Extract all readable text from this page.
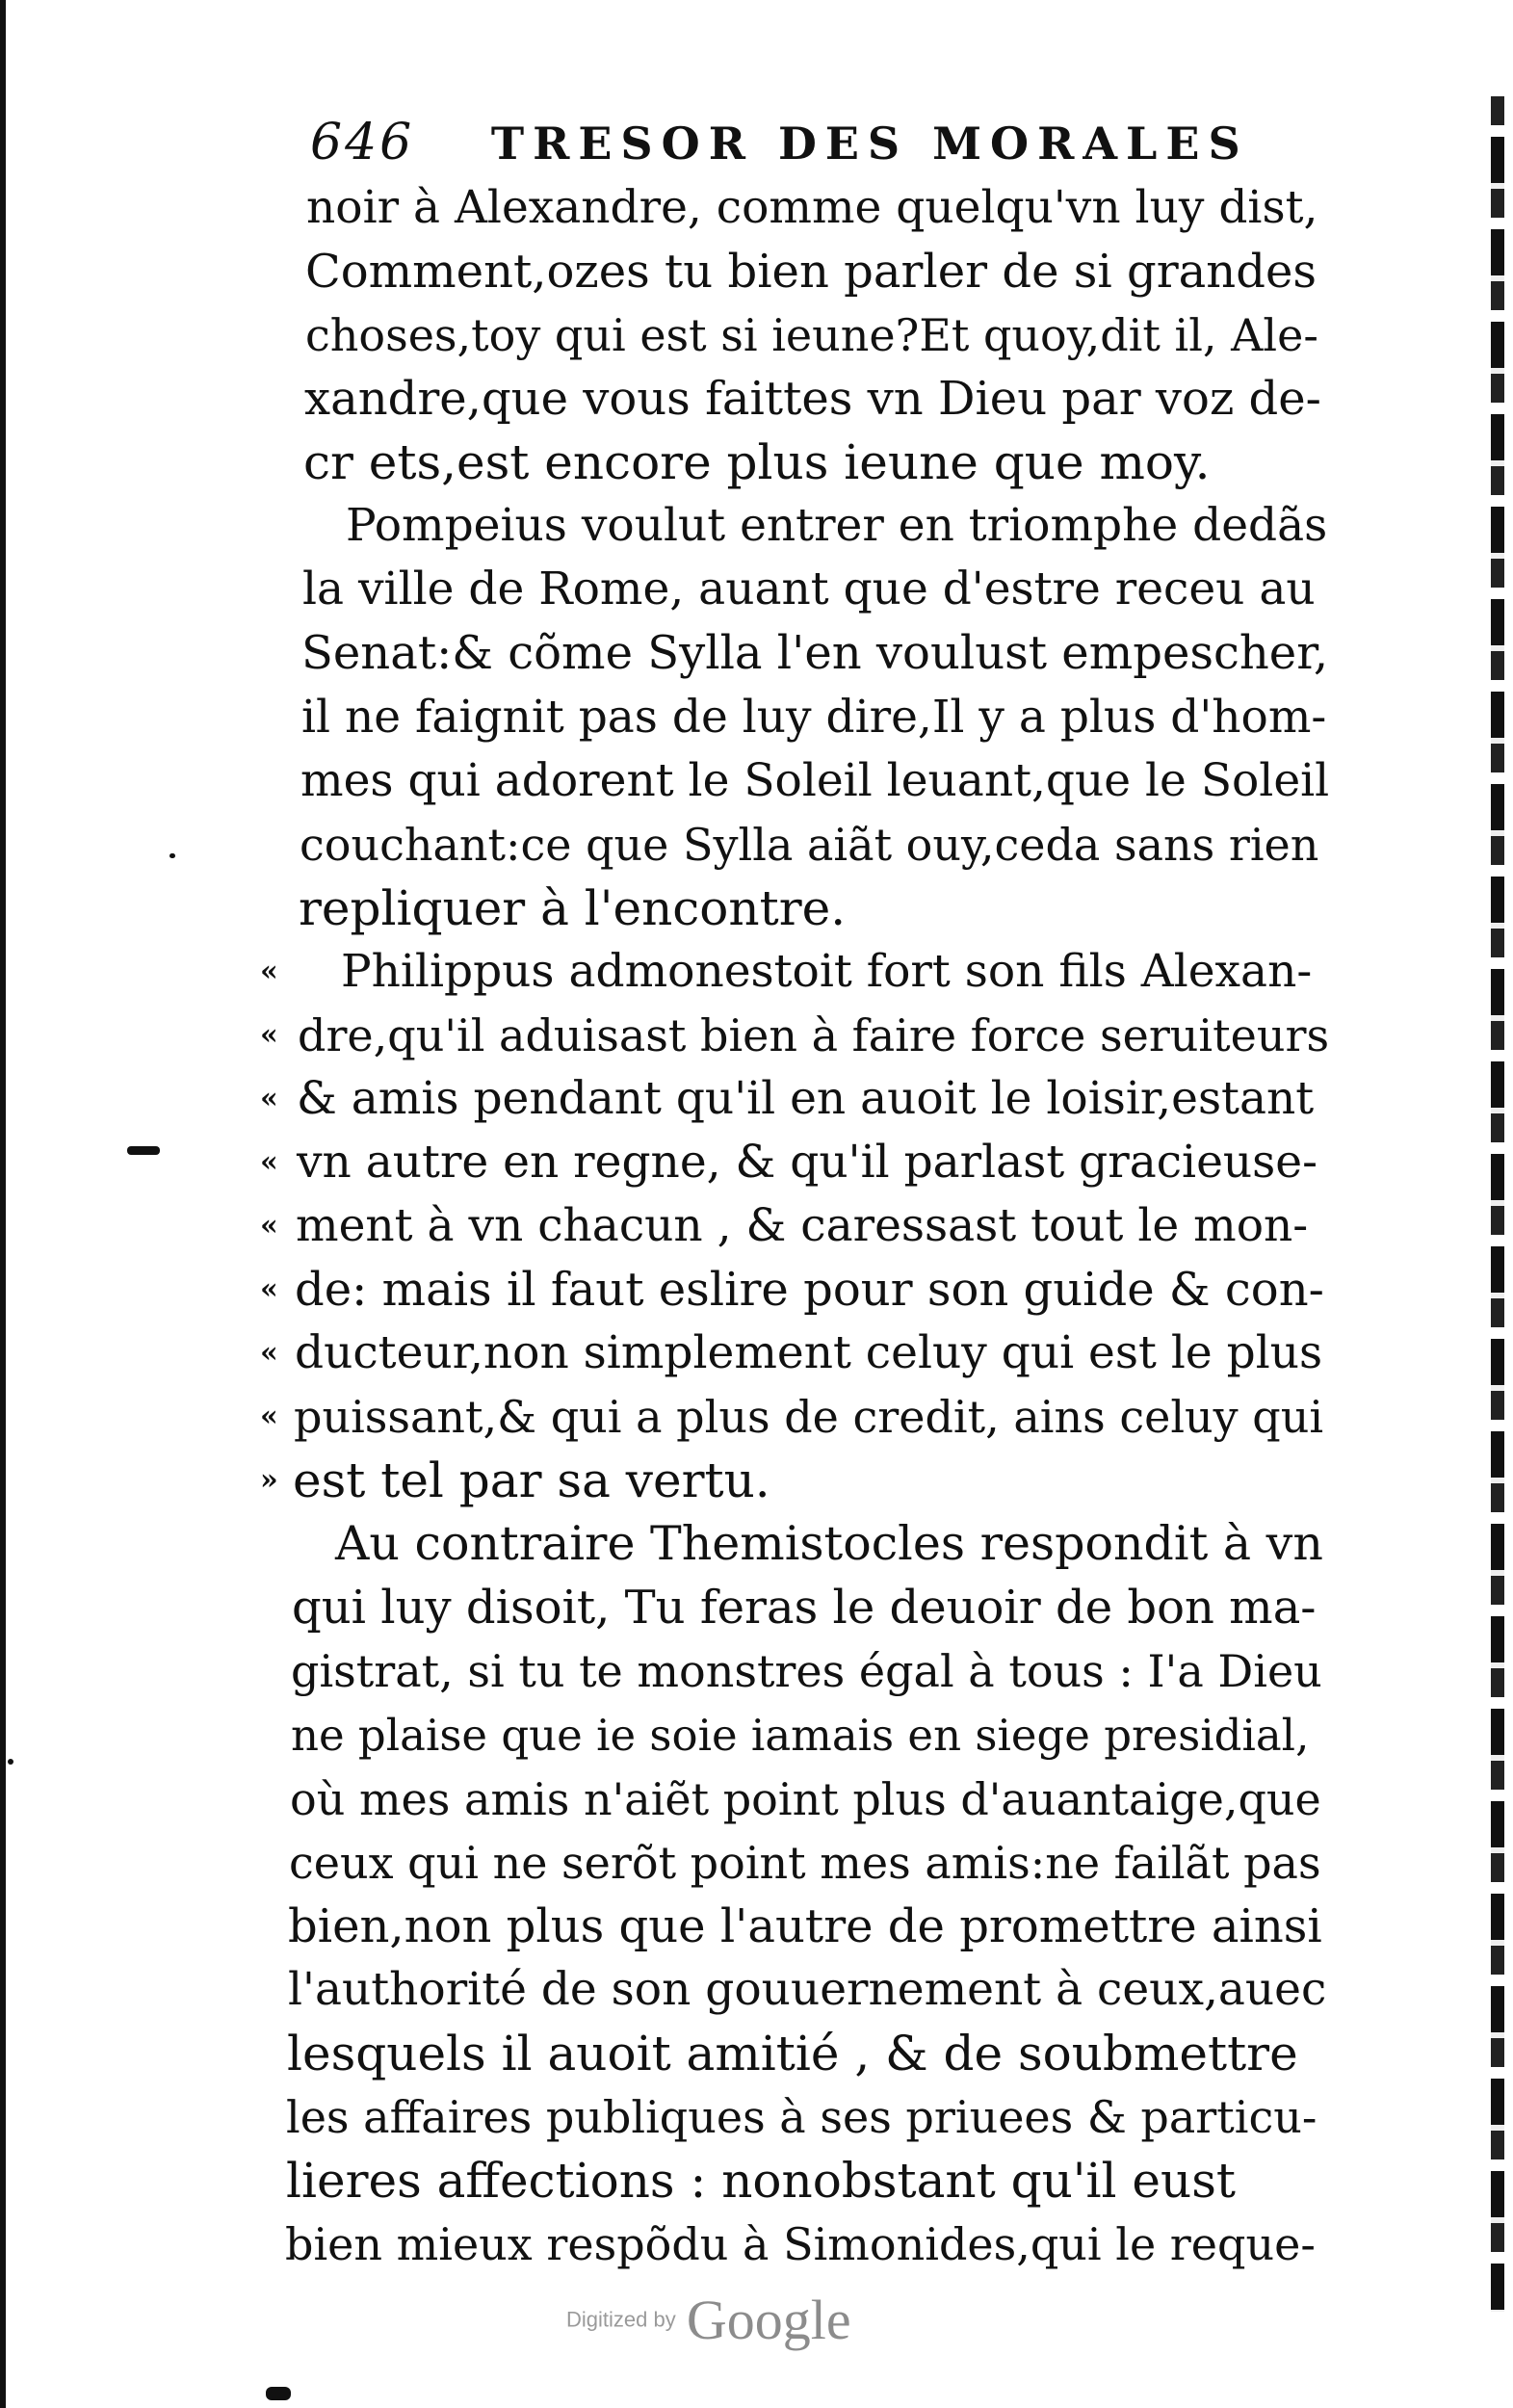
646 TRESOR DES MORALES
noir à Alexandre, comme quelqu'vn luy dist,
Comment,ozes tu bien parler de si grandes
choses,toy qui est si ieune?Et quoy,dit il, Ale-
xandre,que vous faittes vn Dieu par voz de-
cr ets,est encore plus ieune que moy.
Pompeius voulut entrer en triomphe dedãs
la ville de Rome, auant que d'estre receu au
Senat:& cõme Sylla l'en voulust empescher,
il ne faignit pas de luy dire,Il y a plus d'hom-
mes qui adorent le Soleil leuant,que le Soleil
couchant:ce que Sylla aiãt ouy,ceda sans rien
repliquer à l'encontre.
Philippus admonestoit fort son fils Alexan-
«
dre,qu'il aduisast bien à faire force seruiteurs
«
& amis pendant qu'il en auoit le loisir,estant
«
vn autre en regne, & qu'il parlast gracieuse-
«
ment à vn chacun , & caressast tout le mon-
«
de: mais il faut eslire pour son guide & con-
«
ducteur,non simplement celuy qui est le plus
«
puissant,& qui a plus de credit, ains celuy qui
«
est tel par sa vertu.
»
Au contraire Themistocles respondit à vn
qui luy disoit, Tu feras le deuoir de bon ma-
gistrat, si tu te monstres égal à tous : I'a Dieu
ne plaise que ie soie iamais en siege presidial,
où mes amis n'aiẽt point plus d'auantaige,que
ceux qui ne serõt point mes amis:ne failãt pas
bien,non plus que l'autre de promettre ainsi
l'authorité de son gouuernement à ceux,auec
lesquels il auoit amitié , & de soubmettre
les affaires publiques à ses priuees & particu-
lieres affections : nonobstant qu'il eust
bien mieux respõdu à Simonides,qui le reque-
Digitized by Google
